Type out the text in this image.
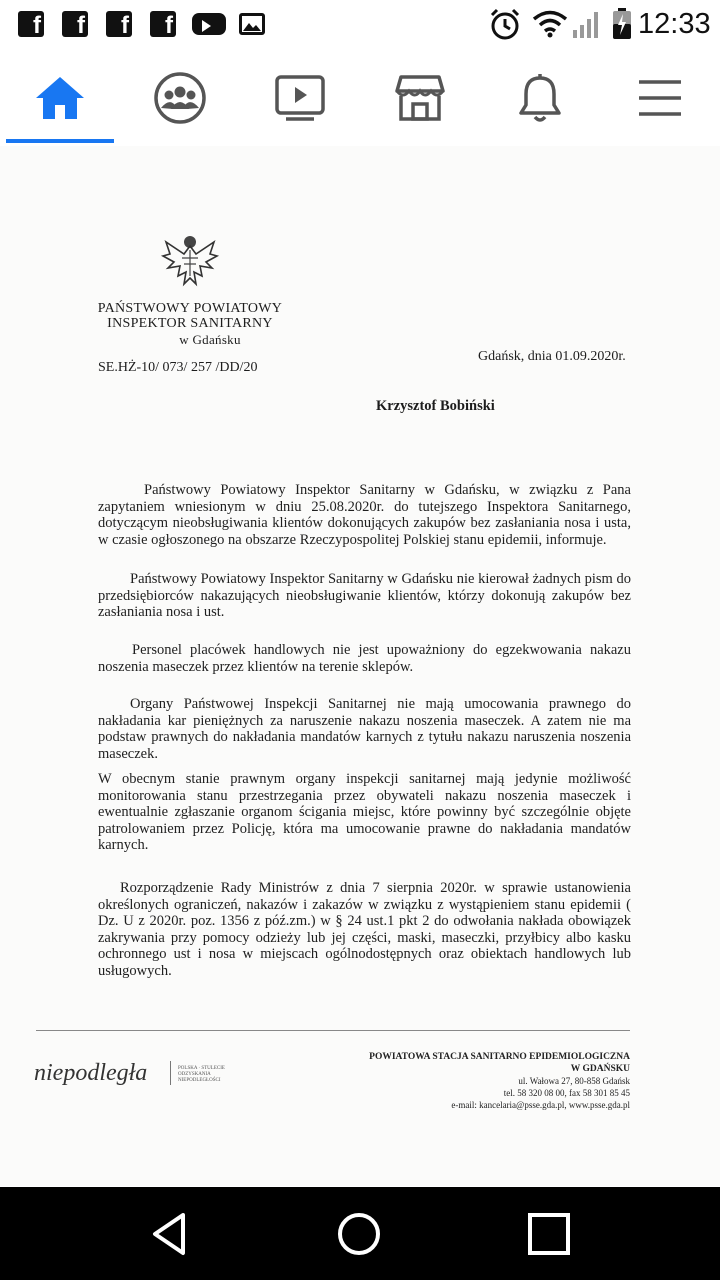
f	f	f	f	12:33
PAŃSTWOWY POWIATOWY
INSPEKTOR SANITARNY
w Gdańsku
SE.HŻ-10/ 073/ 257 /DD/20
Gdańsk, dnia 01.09.2020r.
Krzysztof Bobiński
Państwowy Powiatowy Inspektor Sanitarny w Gdańsku, w związku z Pana zapytaniem wniesionym w dniu 25.08.2020r. do tutejszego Inspektora Sanitarnego, dotyczącym nieobsługiwania klientów dokonujących zakupów bez zasłaniania nosa i usta, w czasie ogłoszonego na obszarze Rzeczypospolitej Polskiej stanu epidemii, informuje.
Państwowy Powiatowy Inspektor Sanitarny w Gdańsku nie kierował żadnych pism do przedsiębiorców nakazujących nieobsługiwanie klientów, którzy dokonują zakupów bez zasłaniania nosa i ust.
Personel placówek handlowych nie jest upoważniony do egzekwowania nakazu noszenia maseczek przez klientów na terenie sklepów.
Organy Państwowej Inspekcji Sanitarnej nie mają umocowania prawnego do nakładania kar pieniężnych za naruszenie nakazu noszenia maseczek. A zatem nie ma podstaw prawnych do nakładania mandatów karnych z tytułu nakazu naruszenia noszenia maseczek.
W obecnym stanie prawnym organy inspekcji sanitarnej mają jedynie możliwość monitorowania stanu przestrzegania przez obywateli nakazu noszenia maseczek i ewentualnie zgłaszanie organom ścigania miejsc, które powinny być szczególnie objęte patrolowaniem przez Policję, która ma umocowanie prawne do nakładania mandatów karnych.
Rozporządzenie Rady Ministrów z dnia 7 sierpnia 2020r. w sprawie ustanowienia określonych ograniczeń, nakazów i zakazów w związku z wystąpieniem stanu epidemii ( Dz. U z 2020r. poz. 1356 z póź.zm.) w § 24 ust.1 pkt 2 do odwołania nakłada obowiązek zakrywania przy pomocy odzieży lub jej części, maski, maseczki, przyłbicy albo kasku ochronnego ust i nosa w miejscach ogólnodostępnych oraz obiektach handlowych lub usługowych.
niepodległa	POLSKA · STULECIE ODZYSKANIA NIEPODLEGŁOŚCI
POWIATOWA STACJA SANITARNO EPIDEMIOLOGICZNA
W GDAŃSKU
ul. Wałowa 27, 80-858 Gdańsk
tel. 58 320 08 00, fax 58 301 85 45
e-mail: kancelaria@psse.gda.pl, www.psse.gda.pl
